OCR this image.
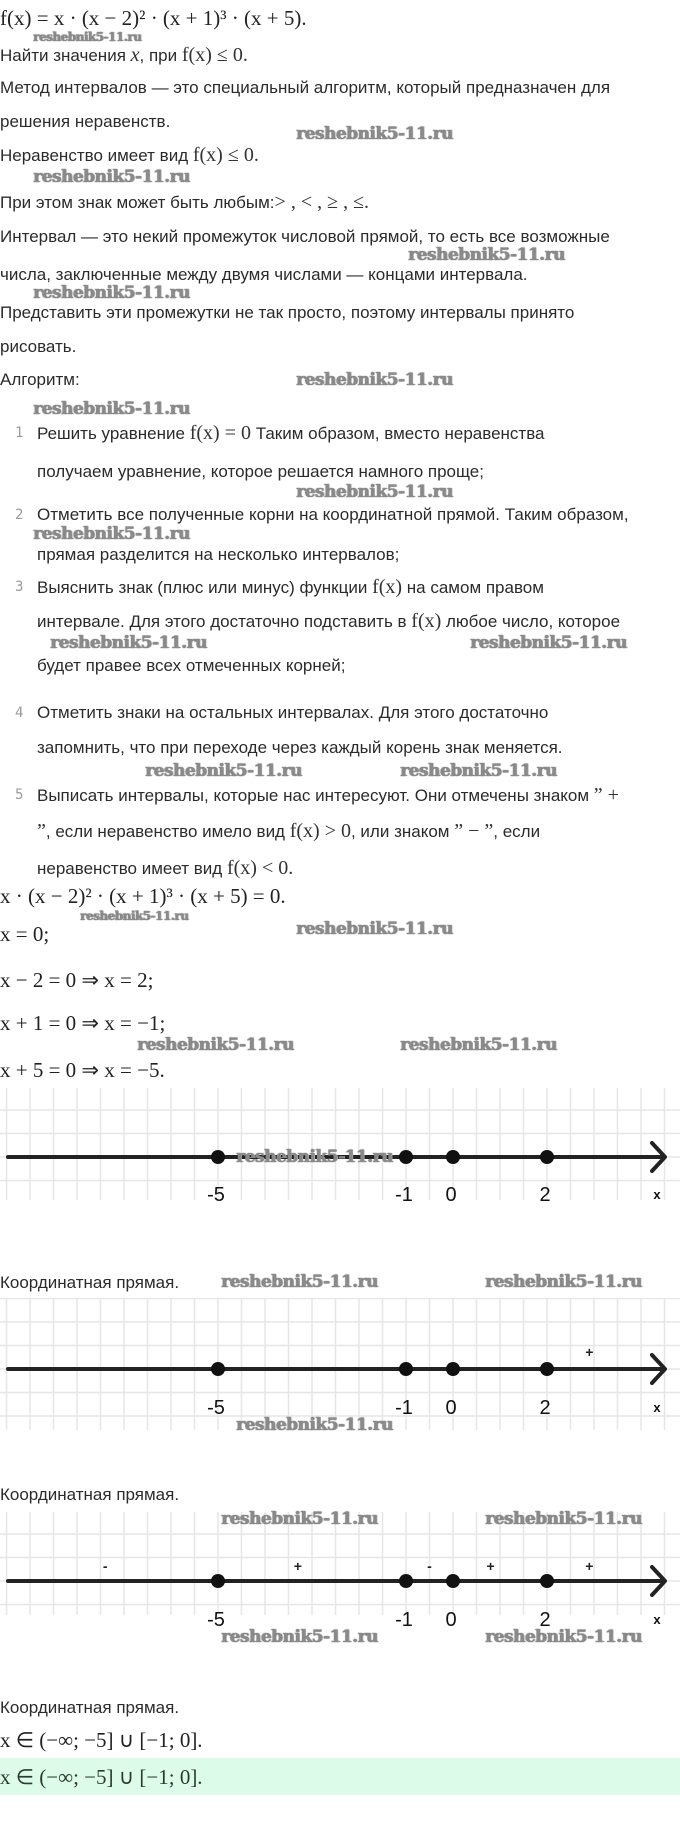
f(x) = x · (x − 2)² · (x + 1)³ · (x + 5).
reshebnik5-11.ru
Найти значения x, при f(x) ≤ 0.
Метод интервалов — это специальный алгоритм, который предназначен для
решения неравенств.
reshebnik5-11.ru
Неравенство имеет вид f(x) ≤ 0.
reshebnik5-11.ru
При этом знак может быть любым:> , < , ≥ , ≤.
Интервал — это некий промежуток числовой прямой, то есть все возможные
reshebnik5-11.ru
числа, заключенные между двумя числами — концами интервала.
reshebnik5-11.ru
Представить эти промежутки не так просто, поэтому интервалы принято
рисовать.
Алгоритм:	reshebnik5-11.ru
reshebnik5-11.ru
1 Решить уравнение f(x) = 0 Таким образом, вместо неравенства
получаем уравнение, которое решается намного проще;
reshebnik5-11.ru
2 Отметить все полученные корни на координатной прямой. Таким образом,
reshebnik5-11.ru
прямая разделится на несколько интервалов;
3 Выяснить знак (плюс или минус) функции f(x) на самом правом
интервале. Для этого достаточно подставить в f(x) любое число, которое
reshebnik5-11.ru	reshebnik5-11.ru
будет правее всех отмеченных корней;
4 Отметить знаки на остальных интервалах. Для этого достаточно
запомнить, что при переходе через каждый корень знак меняется.
reshebnik5-11.ru	reshebnik5-11.ru
5 Выписать интервалы, которые нас интересуют. Они отмечены знаком ” +
”, если неравенство имело вид f(x) > 0, или знаком ” − ”, если
неравенство имеет вид f(x) < 0.
x · (x − 2)² · (x + 1)³ · (x + 5) = 0.
reshebnik5-11.ru
reshebnik5-11.ru
x = 0;
x − 2 = 0 ⇒ x = 2;
x + 1 = 0 ⇒ x = −1;
reshebnik5-11.ru	reshebnik5-11.ru
x + 5 = 0 ⇒ x = −5.
-5	-1 0	2	x
reshebnik5-11.ru
Координатная прямая. reshebnik5-11.ru	reshebnik5-11.ru
-5	-1 0	2	x
+
reshebnik5-11.ru
Координатная прямая.
-5	-1 0	2	x
-	+	-	+	+
reshebnik5-11.ru	reshebnik5-11.ru
reshebnik5-11.ru	reshebnik5-11.ru
Координатная прямая.
x ∈ (−∞; −5] ∪ [−1; 0].
x ∈ (−∞; −5] ∪ [−1; 0].
